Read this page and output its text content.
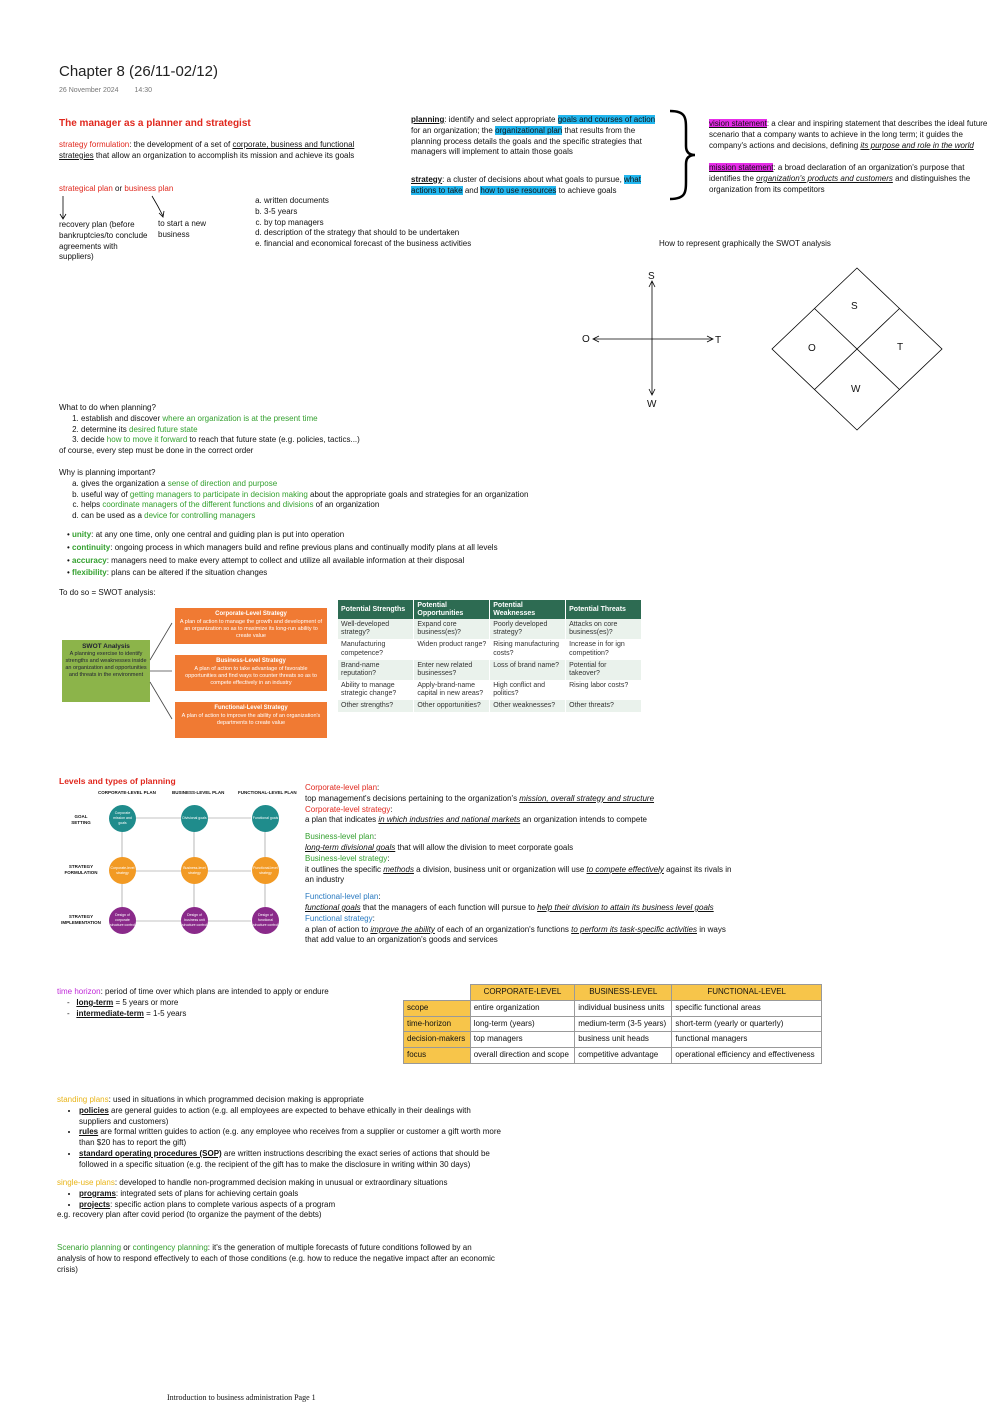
Chapter 8 (26/11-02/12)
26 November 2024 14:30
The manager as a planner and strategist
strategy formulation: the development of a set of corporate, business and functional strategies that allow an organization to accomplish its mission and achieve its goals
strategical plan or business plan
recovery plan (before bankruptcies/to conclude agreements with suppliers)
to start a new business
a. written documents
b. 3-5 years
c. by top managers
d. description of the strategy that should to be undertaken
e. financial and economical forecast of the business activities
planning: identify and select appropriate goals and courses of action for an organization; the organizational plan that results from the planning process details the goals and the specific strategies that managers will implement to attain those goals
strategy: a cluster of decisions about what goals to pursue, what actions to take and how to use resources to achieve goals
vision statement: a clear and inspiring statement that describes the ideal future scenario that a company wants to achieve in the long term; it guides the company's actions and decisions, defining its purpose and role in the world
mission statement: a broad declaration of an organization's purpose that identifies the organization's products and customers and distinguishes the organization from its competitors
How to represent graphically the SWOT analysis
S
W
O	T
S
O	T
W
What to do when planning?
1. establish and discover where an organization is at the present time
2. determine its desired future state
3. decide how to move it forward to reach that future state (e.g. policies, tactics...)
of course, every step must be done in the correct order
Why is planning important?
a. gives the organization a sense of direction and purpose
b. useful way of getting managers to participate in decision making about the appropriate goals and strategies for an organization
c. helps coordinate managers of the different functions and divisions of an organization
d. can be used as a device for controlling managers
• unity: at any one time, only one central and guiding plan is put into operation
• continuity: ongoing process in which managers build and refine previous plans and continually modify plans at all levels
• accuracy: managers need to make every attempt to collect and utilize all available information at their disposal
• flexibility: plans can be altered if the situation changes
To do so = SWOT analysis:
SWOT Analysis
A planning exercise to identify strengths and weaknesses inside an organization and opportunities and threats in the environment
Corporate-Level Strategy
A plan of action to manage the growth and development of an organization so as to maximize its long-run ability to create value
Business-Level Strategy
A plan of action to take advantage of favorable opportunities and find ways to counter threats so as to compete effectively in an industry
Functional-Level Strategy
A plan of action to improve the ability of an organization's departments to create value
Potential Strengths	Potential Opportunities	Potential Weaknesses	Potential Threats
Well-developed strategy?	Expand core business(es)?	Poorly developed strategy?	Attacks on core business(es)?
Manufacturing competence?	Widen product range?	Rising manufacturing costs?	Increase in for ign competition?
Brand-name reputation?	Enter new related businesses?	Loss of brand name?	Potential for takeover?
Ability to manage strategic change?	Apply-brand-name capital in new areas?	High conflict and politics?	Rising labor costs?
Other strengths?	Other opportunities?	Other weaknesses?	Other threats?
Levels and types of planning
CORPORATE-LEVEL PLAN	BUSINESS-LEVEL PLAN	FUNCTIONAL-LEVEL PLAN
GOAL SETTING
STRATEGY FORMULATION
STRATEGY IMPLEMENTATION
Corporate mission and goals
Divisional goals	Functional goals
Corporate-level strategy
Business-level strategy
Functional-level strategy
Design of corporate structure control
Design of business unit structure control
Design of functional structure control
Corporate-level plan:
top management's decisions pertaining to the organization's mission, overall strategy and structure
Corporate-level strategy:
a plan that indicates in which industries and national markets an organization intends to compete
Business-level plan:
long-term divisional goals that will allow the division to meet corporate goals
Business-level strategy:
it outlines the specific methods a division, business unit or organization will use to compete effectively against its rivals in an industry
Functional-level plan:
functional goals that the managers of each function will pursue to help their division to attain its business level goals
Functional strategy:
a plan of action to improve the ability of each of an organization's functions to perform its task-specific activities in ways that add value to an organization's goods and services
time horizon: period of time over which plans are intended to apply or endure
-   long-term = 5 years or more
-   intermediate-term = 1-5 years
	CORPORATE-LEVEL	BUSINESS-LEVEL	FUNCTIONAL-LEVEL
scope	entire organization	individual business units	specific functional areas
time-horizon	long-term (years)	medium-term (3-5 years)	short-term (yearly or quarterly)
decision-makers	top managers	business unit heads	functional managers
focus	overall direction and scope	competitive advantage	operational efficiency and effectiveness
standing plans: used in situations in which programmed decision making is appropriate
• policies are general guides to action (e.g. all employees are expected to behave ethically in their dealings with suppliers and customers)
• rules are formal written guides to action (e.g. any employee who receives from a supplier or customer a gift worth more than $20 has to report the gift)
• standard operating procedures (SOP) are written instructions describing the exact series of actions that should be followed in a specific situation (e.g. the recipient of the gift has to make the disclosure in writing within 30 days)
single-use plans: developed to handle non-programmed decision making in unusual or extraordinary situations
• programs: integrated sets of plans for achieving certain goals
• projects: specific action plans to complete various aspects of a program
e.g. recovery plan after covid period (to organize the payment of the debts)
Scenario planning or contingency planning: it's the generation of multiple forecasts of future conditions followed by an analysis of how to respond effectively to each of those conditions (e.g. how to reduce the negative impact after an economic crisis)
Introduction to business administration Page 1
